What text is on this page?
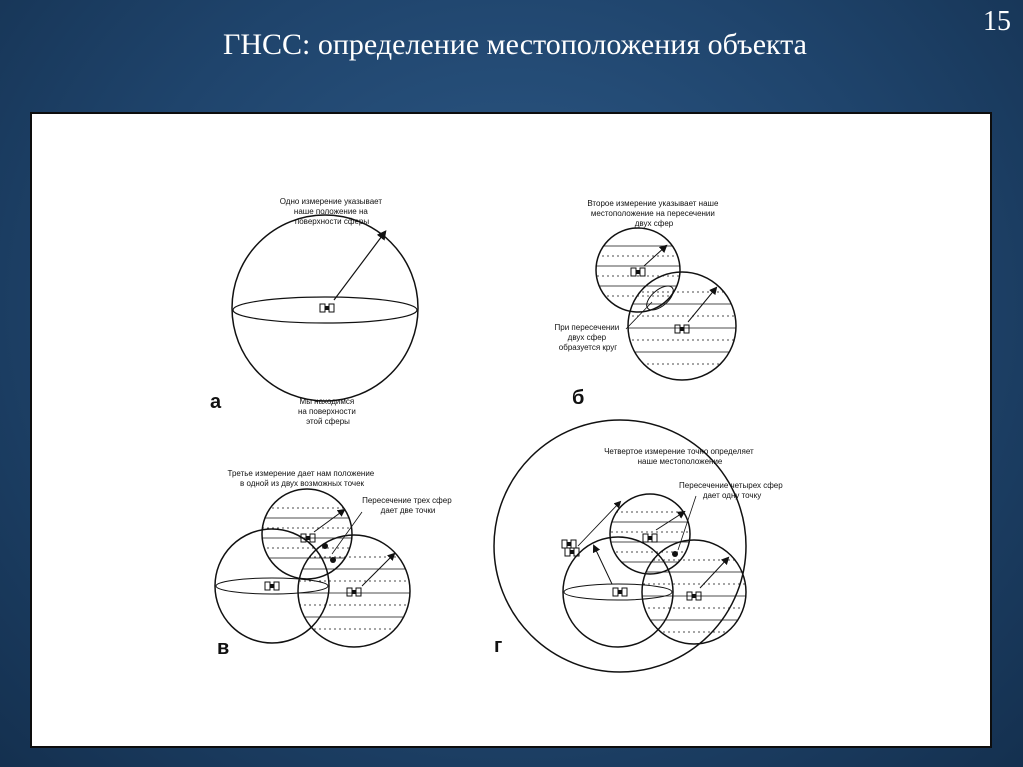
15
ГНСС: определение местоположения объекта
Одно измерение указывает наше положение на поверхности сферы
Мы находимся на поверхности этой сферы
а
Второе измерение указывает наше местоположение на пересечении двух сфер
При пересечении двух сфер образуется круг
б
Третье измерение дает нам положение в одной из двух возможных точек
Пересечение трех сфер дает две точки
в
Четвертое измерение точно определяет наше местоположение
Пересечение четырех сфер дает одну точку
г
